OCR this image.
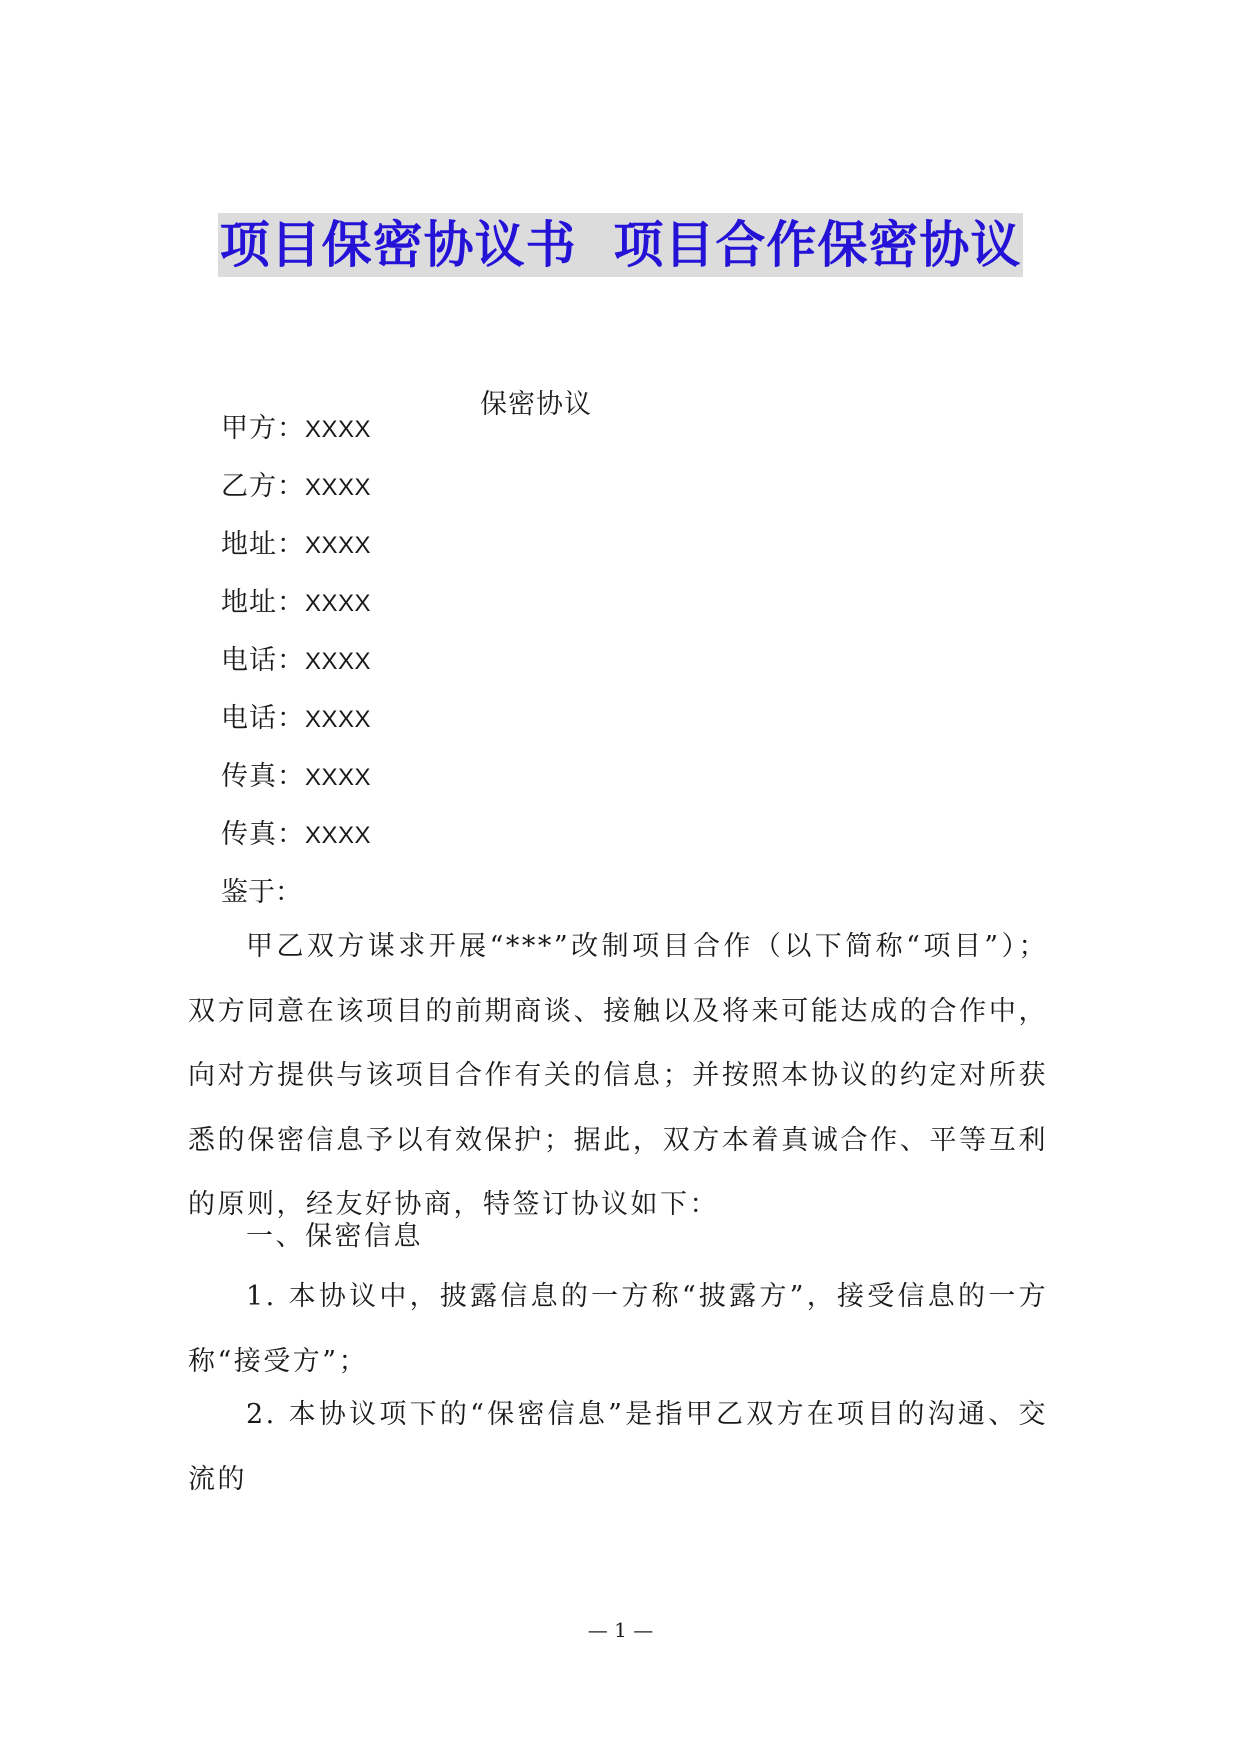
项目保密协议书  项目合作保密协议
保密协议
甲方：XXXX
乙方：XXXX
地址：XXXX
地址：XXXX
电话：XXXX
电话：XXXX
传真：XXXX
传真：XXXX
鉴于：

甲乙双方谋求开展“***”改制项目合作（以下简称“项目”）；双方同意在该项目的前期商谈、接触以及将来可能达成的合作中，向对方提供与该项目合作有关的信息；并按照本协议的约定对所获悉的保密信息予以有效保护；据此，双方本着真诚合作、平等互利的原则，经友好协商，特签订协议如下：

一、保密信息

1. 本协议中，披露信息的一方称“披露方”，接受信息的一方称“接受方”；

2. 本协议项下的“保密信息”是指甲乙双方在项目的沟通、交流的

— 1 —
